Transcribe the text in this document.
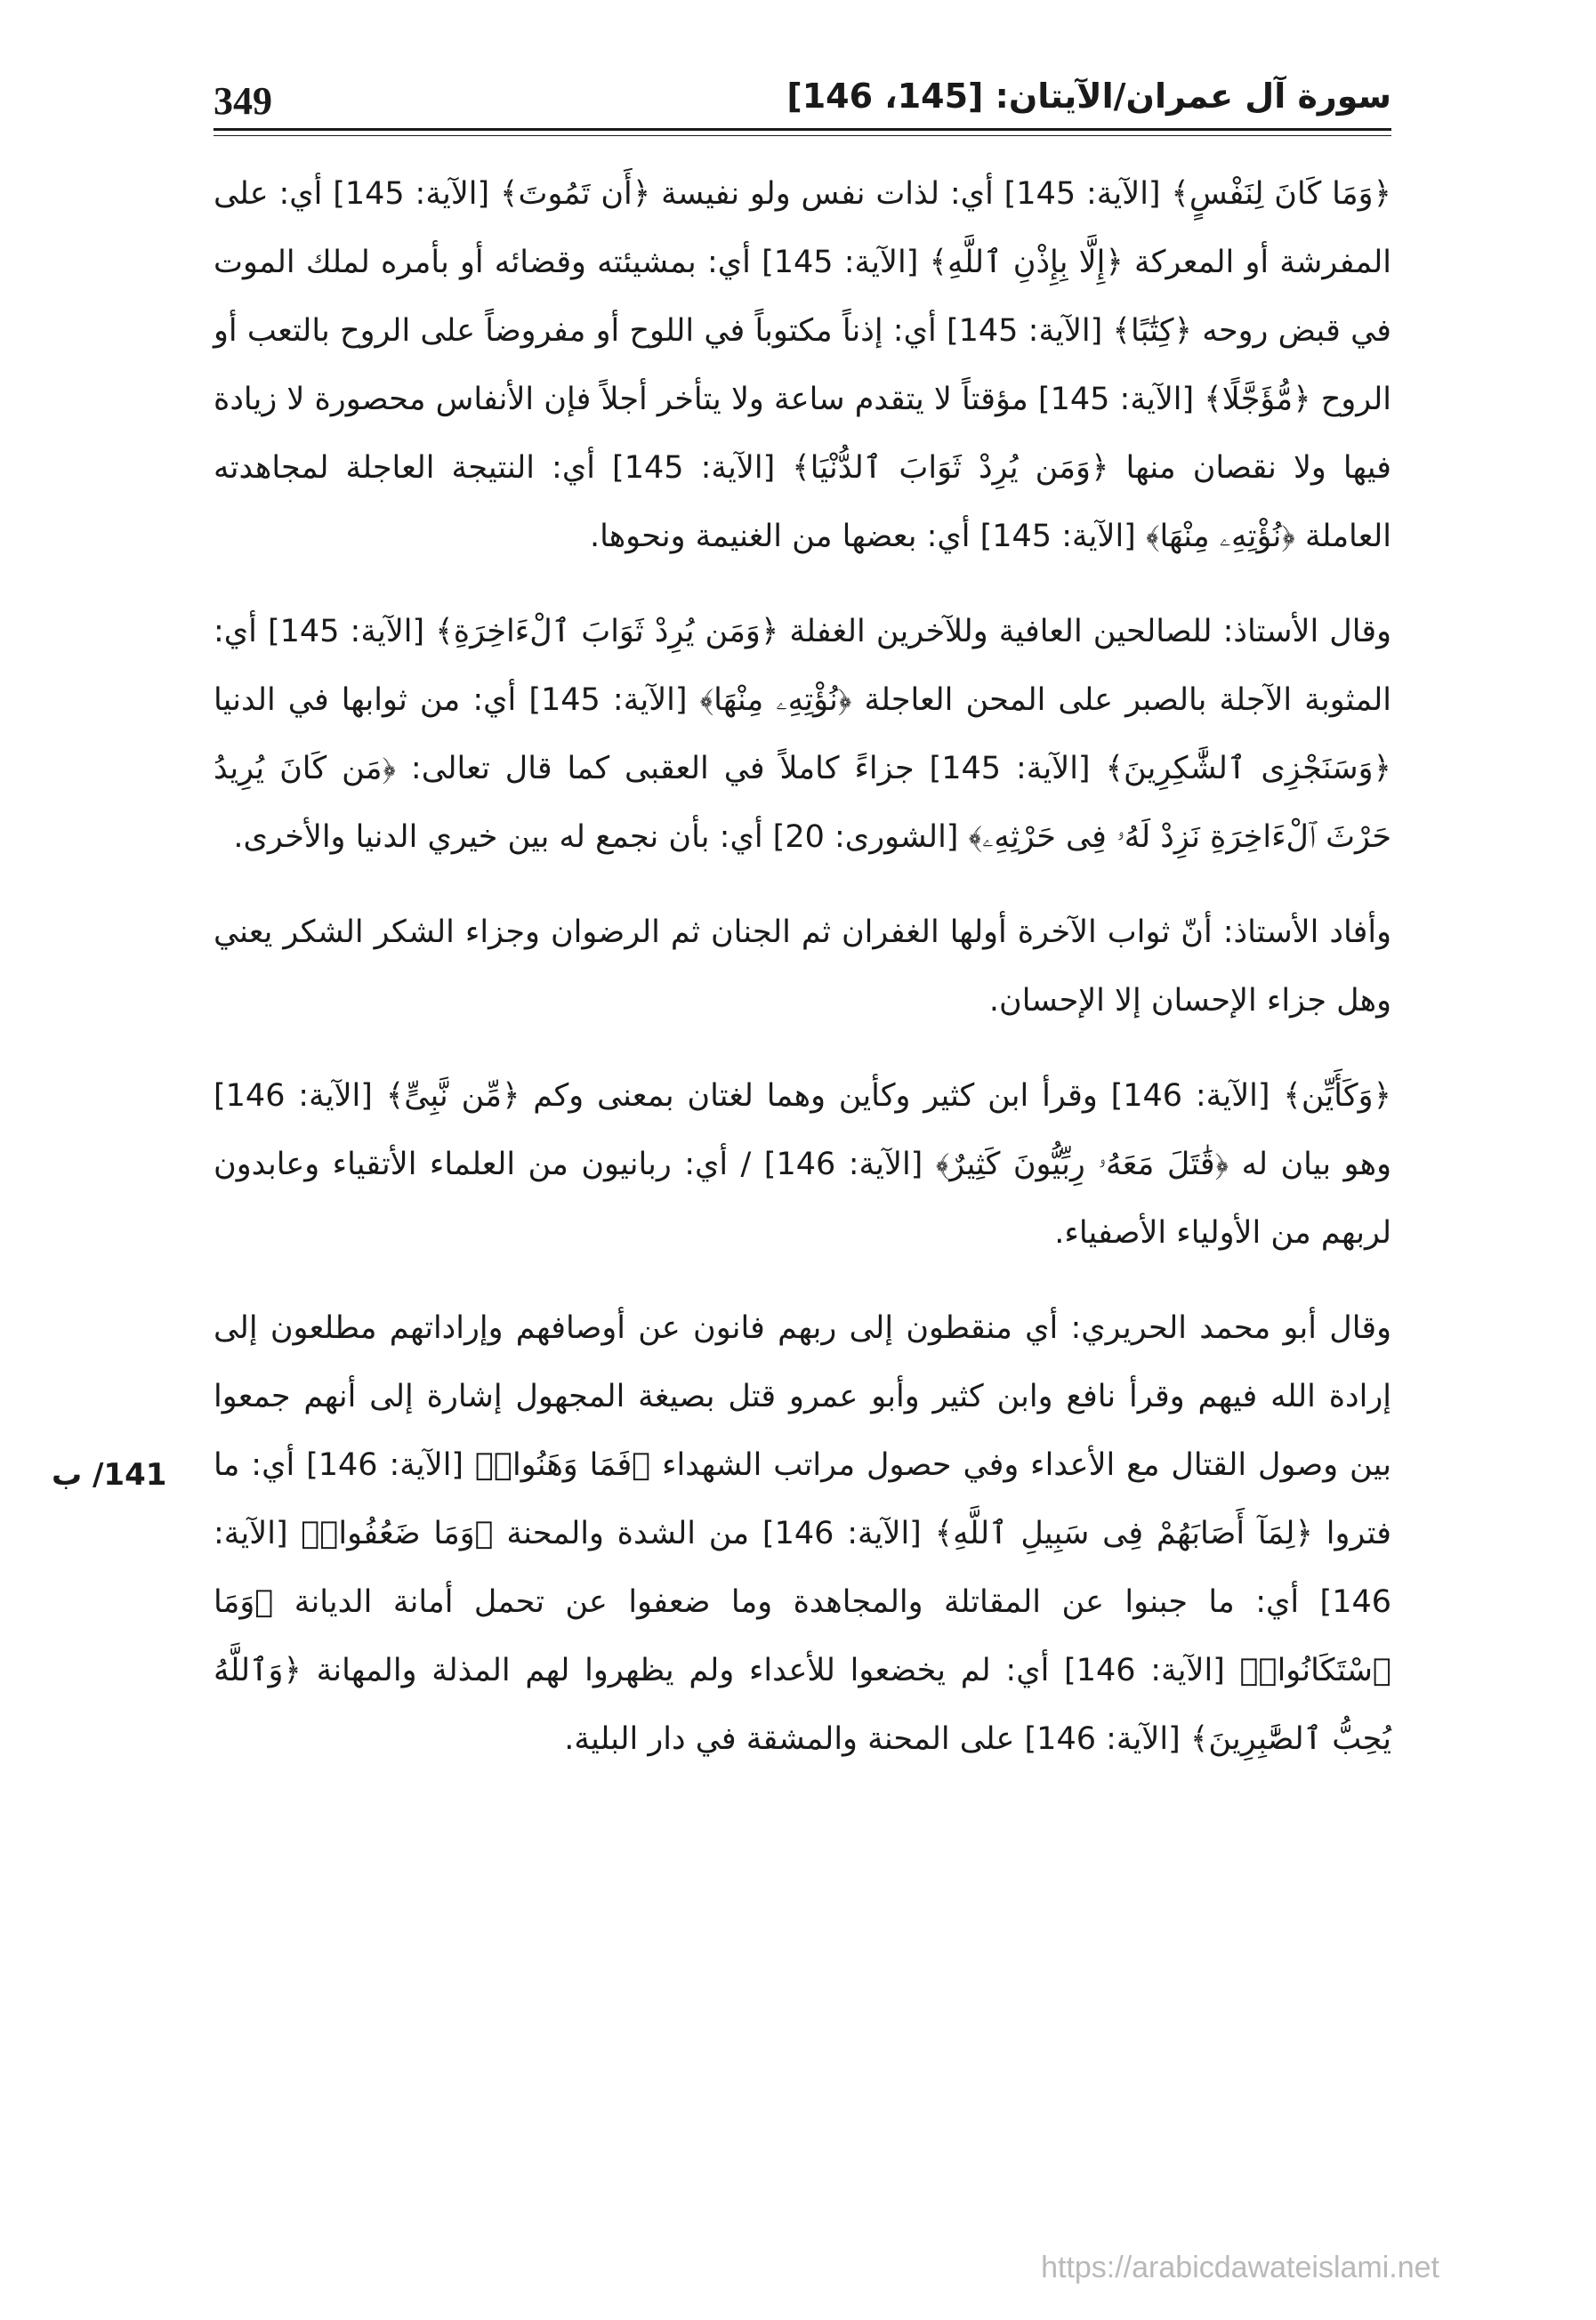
349	سورة آل عمران/الآيتان: [145، 146]

﴿وَمَا كَانَ لِنَفْسٍ﴾ [الآية: 145] أي: لذات نفس ولو نفيسة ﴿أَن تَمُوتَ﴾ [الآية: 145] أي: على المفرشة أو المعركة ﴿إِلَّا بِإِذْنِ ٱللَّهِ﴾ [الآية: 145] أي: بمشيئته وقضائه أو بأمره لملك الموت في قبض روحه ﴿كِتَٰبًا﴾ [الآية: 145] أي: إذناً مكتوباً في اللوح أو مفروضاً على الروح بالتعب أو الروح ﴿مُّؤَجَّلًا﴾ [الآية: 145] مؤقتاً لا يتقدم ساعة ولا يتأخر أجلاً فإن الأنفاس محصورة لا زيادة فيها ولا نقصان منها ﴿وَمَن يُرِدْ ثَوَابَ ٱلدُّنْيَا﴾ [الآية: 145] أي: النتيجة العاجلة لمجاهدته العاملة ﴿نُؤْتِهِۦ مِنْهَا﴾ [الآية: 145] أي: بعضها من الغنيمة ونحوها.

وقال الأستاذ: للصالحين العافية وللآخرين الغفلة ﴿وَمَن يُرِدْ ثَوَابَ ٱلْءَاخِرَةِ﴾ [الآية: 145] أي: المثوبة الآجلة بالصبر على المحن العاجلة ﴿نُؤْتِهِۦ مِنْهَا﴾ [الآية: 145] أي: من ثوابها في الدنيا ﴿وَسَنَجْزِى ٱلشَّٰكِرِينَ﴾ [الآية: 145] جزاءً كاملاً في العقبى كما قال تعالى: ﴿مَن كَانَ يُرِيدُ حَرْثَ ٱلْءَاخِرَةِ نَزِدْ لَهُۥ فِى حَرْثِهِۦ﴾ [الشورى: 20] أي: بأن نجمع له بين خيري الدنيا والأخرى.

وأفاد الأستاذ: أنّ ثواب الآخرة أولها الغفران ثم الجنان ثم الرضوان وجزاء الشكر الشكر يعني وهل جزاء الإحسان إلا الإحسان.

﴿وَكَأَيِّن﴾ [الآية: 146] وقرأ ابن كثير وكأين وهما لغتان بمعنى وكم ﴿مِّن نَّبِىٍّ﴾ [الآية: 146] وهو بيان له ﴿قَٰتَلَ مَعَهُۥ رِبِّيُّونَ كَثِيرٌ﴾ [الآية: 146] / أي: ربانيون من العلماء الأتقياء وعابدون لربهم من الأولياء الأصفياء.

وقال أبو محمد الحريري: أي منقطون إلى ربهم فانون عن أوصافهم وإراداتهم مطلعون إلى إرادة الله فيهم وقرأ نافع وابن كثير وأبو عمرو قتل بصيغة المجهول إشارة إلى أنهم جمعوا بين وصول القتال مع الأعداء وفي حصول مراتب الشهداء ﴿فَمَا وَهَنُوا۟﴾ [الآية: 146] أي: ما فتروا ﴿لِمَآ أَصَابَهُمْ فِى سَبِيلِ ٱللَّهِ﴾ [الآية: 146] من الشدة والمحنة ﴿وَمَا ضَعُفُوا۟﴾ [الآية: 146] أي: ما جبنوا عن المقاتلة والمجاهدة وما ضعفوا عن تحمل أمانة الديانة ﴿وَمَا ٱسْتَكَانُوا۟﴾ [الآية: 146] أي: لم يخضعوا للأعداء ولم يظهروا لهم المذلة والمهانة ﴿وَٱللَّهُ يُحِبُّ ٱلصَّٰبِرِينَ﴾ [الآية: 146] على المحنة والمشقة في دار البلية.

141/ ب
https://arabicdawateislami.net
